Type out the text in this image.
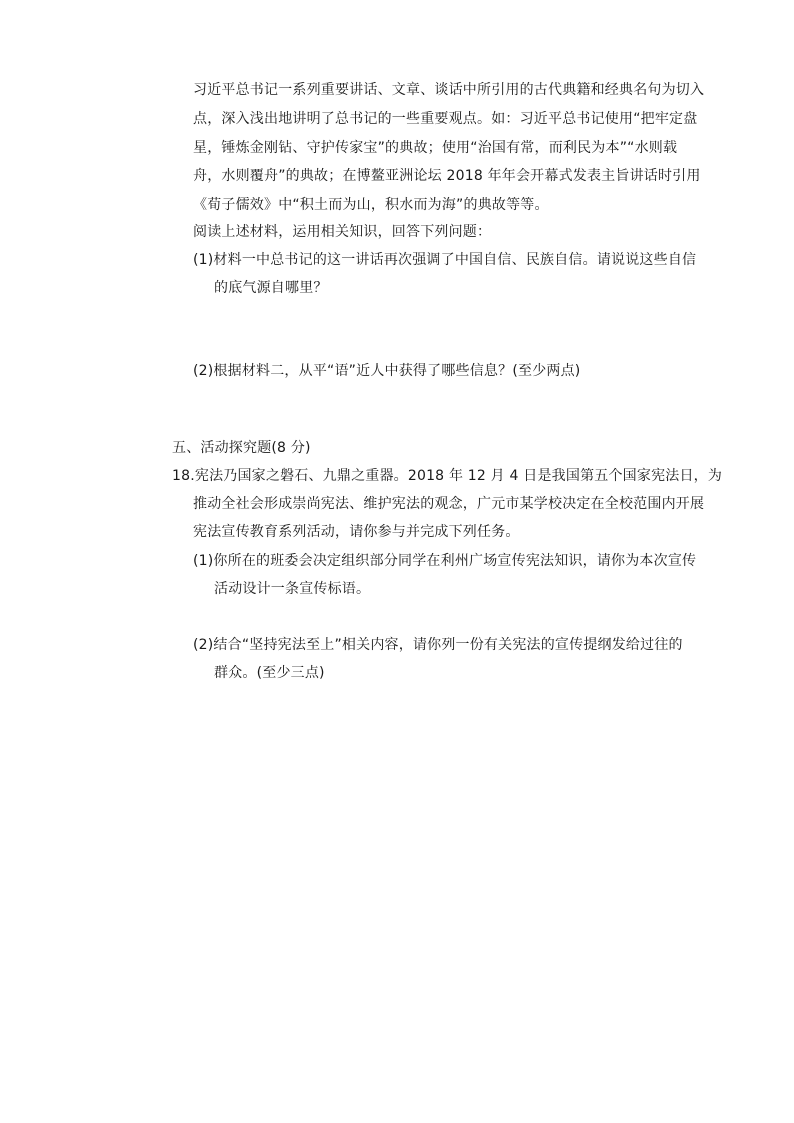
习近平总书记一系列重要讲话、文章、谈话中所引用的古代典籍和经典名句为切入
点，深入浅出地讲明了总书记的一些重要观点。如：习近平总书记使用“把牢定盘
星，锤炼金刚钻、守护传家宝”的典故；使用“治国有常，而利民为本”“水则载
舟，水则覆舟”的典故；在博鳌亚洲论坛 2018 年年会开幕式发表主旨讲话时引用
《荀子儒效》中“积土而为山，积水而为海”的典故等等。
阅读上述材料，运用相关知识，回答下列问题：
(1)材料一中总书记的这一讲话再次强调了中国自信、民族自信。请说说这些自信
的底气源自哪里？
(2)根据材料二，从平“语”近人中获得了哪些信息？(至少两点)
五、活动探究题(8 分)
18.宪法乃国家之磐石、九鼎之重器。2018 年 12 月 4 日是我国第五个国家宪法日，为
推动全社会形成崇尚宪法、维护宪法的观念，广元市某学校决定在全校范围内开展
宪法宣传教育系列活动，请你参与并完成下列任务。
(1)你所在的班委会决定组织部分同学在利州广场宣传宪法知识，请你为本次宣传
活动设计一条宣传标语。
(2)结合“坚持宪法至上”相关内容，请你列一份有关宪法的宣传提纲发给过往的
群众。(至少三点)
